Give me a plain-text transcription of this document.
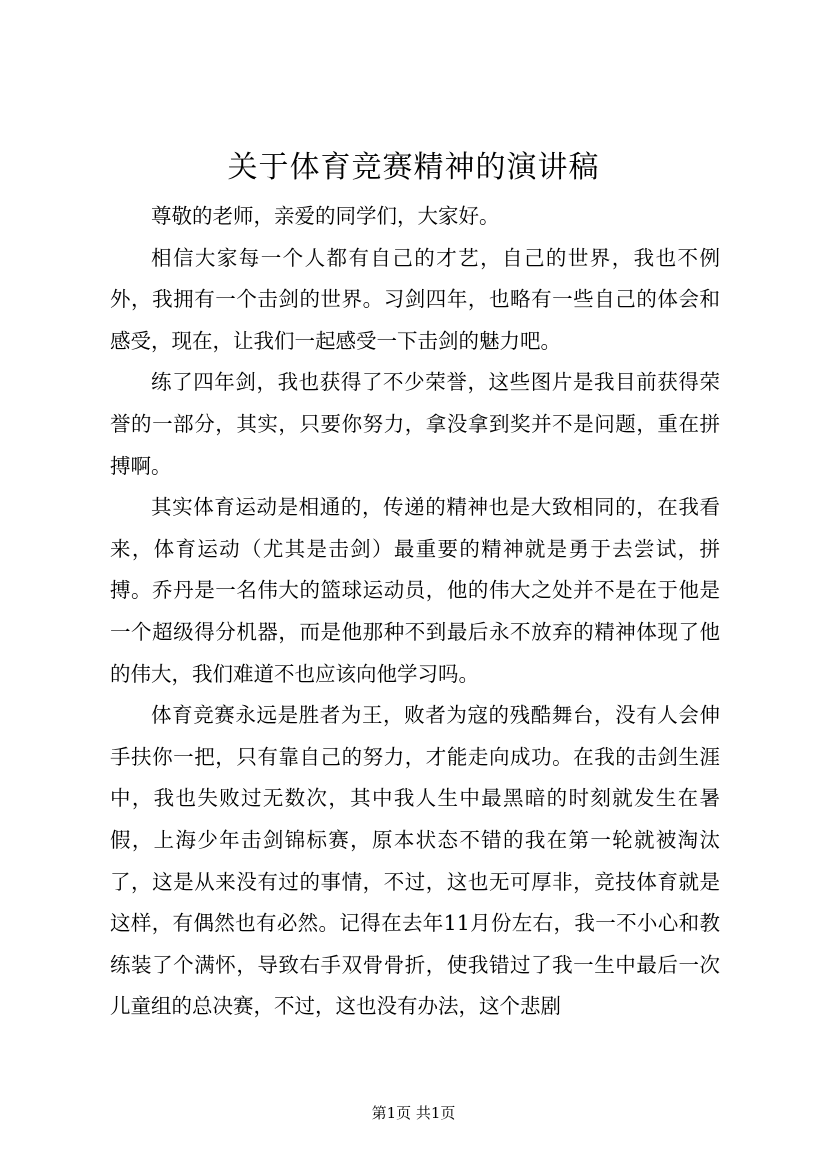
关于体育竞赛精神的演讲稿

尊敬的老师，亲爱的同学们，大家好。

相信大家每一个人都有自己的才艺，自己的世界，我也不例外，我拥有一个击剑的世界。习剑四年，也略有一些自己的体会和感受，现在，让我们一起感受一下击剑的魅力吧。

练了四年剑，我也获得了不少荣誉，这些图片是我目前获得荣誉的一部分，其实，只要你努力，拿没拿到奖并不是问题，重在拼搏啊。

其实体育运动是相通的，传递的精神也是大致相同的，在我看来，体育运动（尤其是击剑）最重要的精神就是勇于去尝试，拼搏。乔丹是一名伟大的篮球运动员，他的伟大之处并不是在于他是一个超级得分机器，而是他那种不到最后永不放弃的精神体现了他的伟大，我们难道不也应该向他学习吗。

体育竞赛永远是胜者为王，败者为寇的残酷舞台，没有人会伸手扶你一把，只有靠自己的努力，才能走向成功。在我的击剑生涯中，我也失败过无数次，其中我人生中最黑暗的时刻就发生在暑假，上海少年击剑锦标赛，原本状态不错的我在第一轮就被淘汰了，这是从来没有过的事情，不过，这也无可厚非，竞技体育就是这样，有偶然也有必然。记得在去年11月份左右，我一不小心和教练装了个满怀，导致右手双骨骨折，使我错过了我一生中最后一次儿童组的总决赛，不过，这也没有办法，这个悲剧

第1页 共1页
